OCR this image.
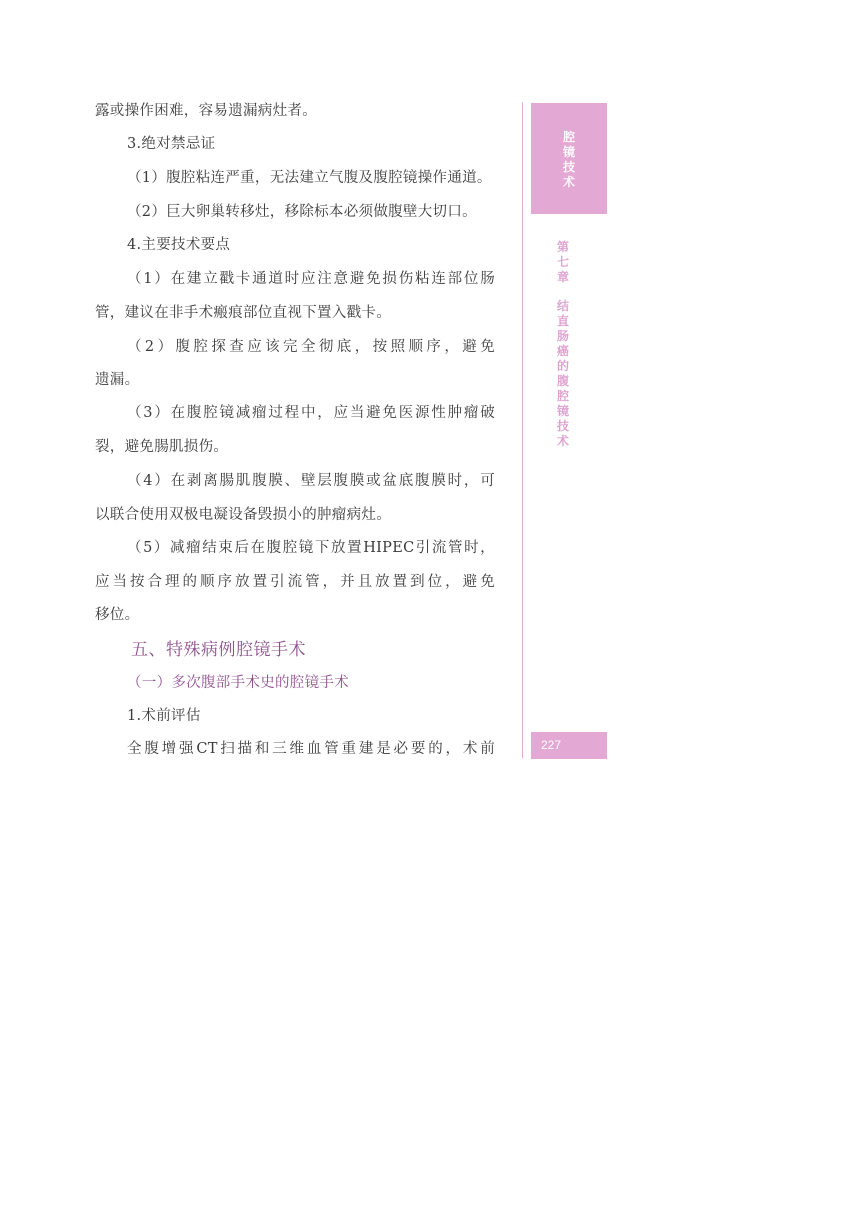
露或操作困难，容易遗漏病灶者。
3.绝对禁忌证
（1）腹腔粘连严重，无法建立气腹及腹腔镜操作通道。
（2）巨大卵巢转移灶，移除标本必须做腹壁大切口。
4.主要技术要点
（1）在建立戳卡通道时应注意避免损伤粘连部位肠
管，建议在非手术瘢痕部位直视下置入戳卡。
（2）腹腔探查应该完全彻底，按照顺序，避免
遗漏。
（3）在腹腔镜减瘤过程中，应当避免医源性肿瘤破
裂，避免腸肌损伤。
（4）在剥离腸肌腹膜、壁层腹膜或盆底腹膜时，可
以联合使用双极电凝设备毁损小的肿瘤病灶。
（5）减瘤结束后在腹腔镜下放置HIPEC引流管时，
应当按合理的顺序放置引流管，并且放置到位，避免
移位。
五、特殊病例腔镜手术
（一）多次腹部手术史的腔镜手术
1.术前评估
全腹增强CT扫描和三维血管重建是必要的，术前
腔
镜
技
术
第
七
章
结
直
肠
癌
的
腹
腔
镜
技
术
227
